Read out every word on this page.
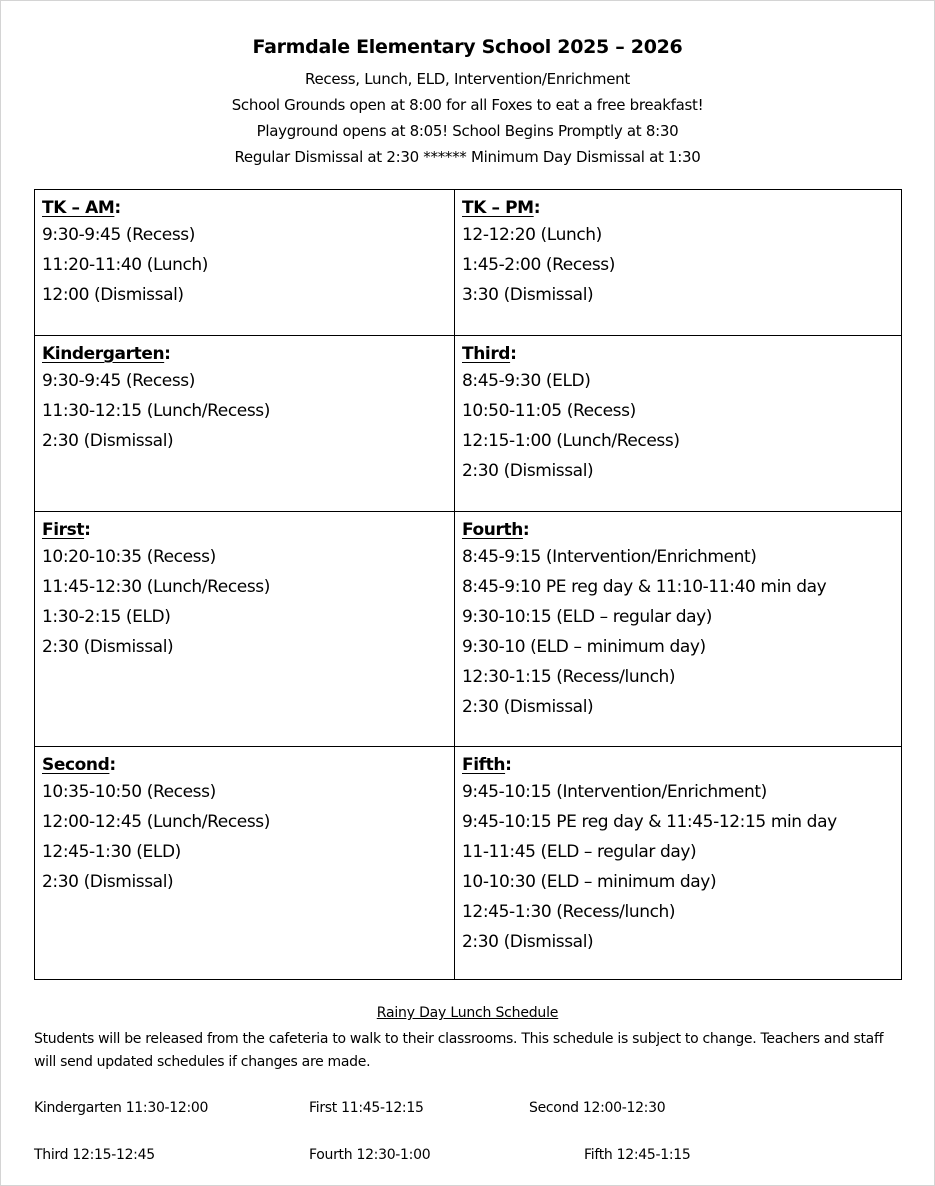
Farmdale Elementary School 2025 – 2026
Recess, Lunch, ELD, Intervention/Enrichment
School Grounds open at 8:00 for all Foxes to eat a free breakfast!
Playground opens at 8:05! School Begins Promptly at 8:30
Regular Dismissal at 2:30 ****** Minimum Day Dismissal at 1:30
TK – AM:
9:30-9:45 (Recess)
11:20-11:40 (Lunch)
12:00 (Dismissal)
TK – PM:
12-12:20 (Lunch)
1:45-2:00 (Recess)
3:30 (Dismissal)
Kindergarten:
9:30-9:45 (Recess)
11:30-12:15 (Lunch/Recess)
2:30 (Dismissal)
Third:
8:45-9:30 (ELD)
10:50-11:05 (Recess)
12:15-1:00 (Lunch/Recess)
2:30 (Dismissal)
First:
10:20-10:35 (Recess)
11:45-12:30 (Lunch/Recess)
1:30-2:15 (ELD)
2:30 (Dismissal)
Fourth:
8:45-9:15 (Intervention/Enrichment)
8:45-9:10 PE reg day & 11:10-11:40 min day
9:30-10:15 (ELD – regular day)
9:30-10 (ELD – minimum day)
12:30-1:15 (Recess/lunch)
2:30 (Dismissal)
Second:
10:35-10:50 (Recess)
12:00-12:45 (Lunch/Recess)
12:45-1:30 (ELD)
2:30 (Dismissal)
Fifth:
9:45-10:15 (Intervention/Enrichment)
9:45-10:15 PE reg day & 11:45-12:15 min day
11-11:45 (ELD – regular day)
10-10:30 (ELD – minimum day)
12:45-1:30 (Recess/lunch)
2:30 (Dismissal)
Rainy Day Lunch Schedule
Students will be released from the cafeteria to walk to their classrooms. This schedule is subject to change. Teachers and staff will send updated schedules if changes are made.
Kindergarten 11:30-12:00	First 11:45-12:15	Second 12:00-12:30
Third 12:15-12:45	Fourth 12:30-1:00	Fifth 12:45-1:15
